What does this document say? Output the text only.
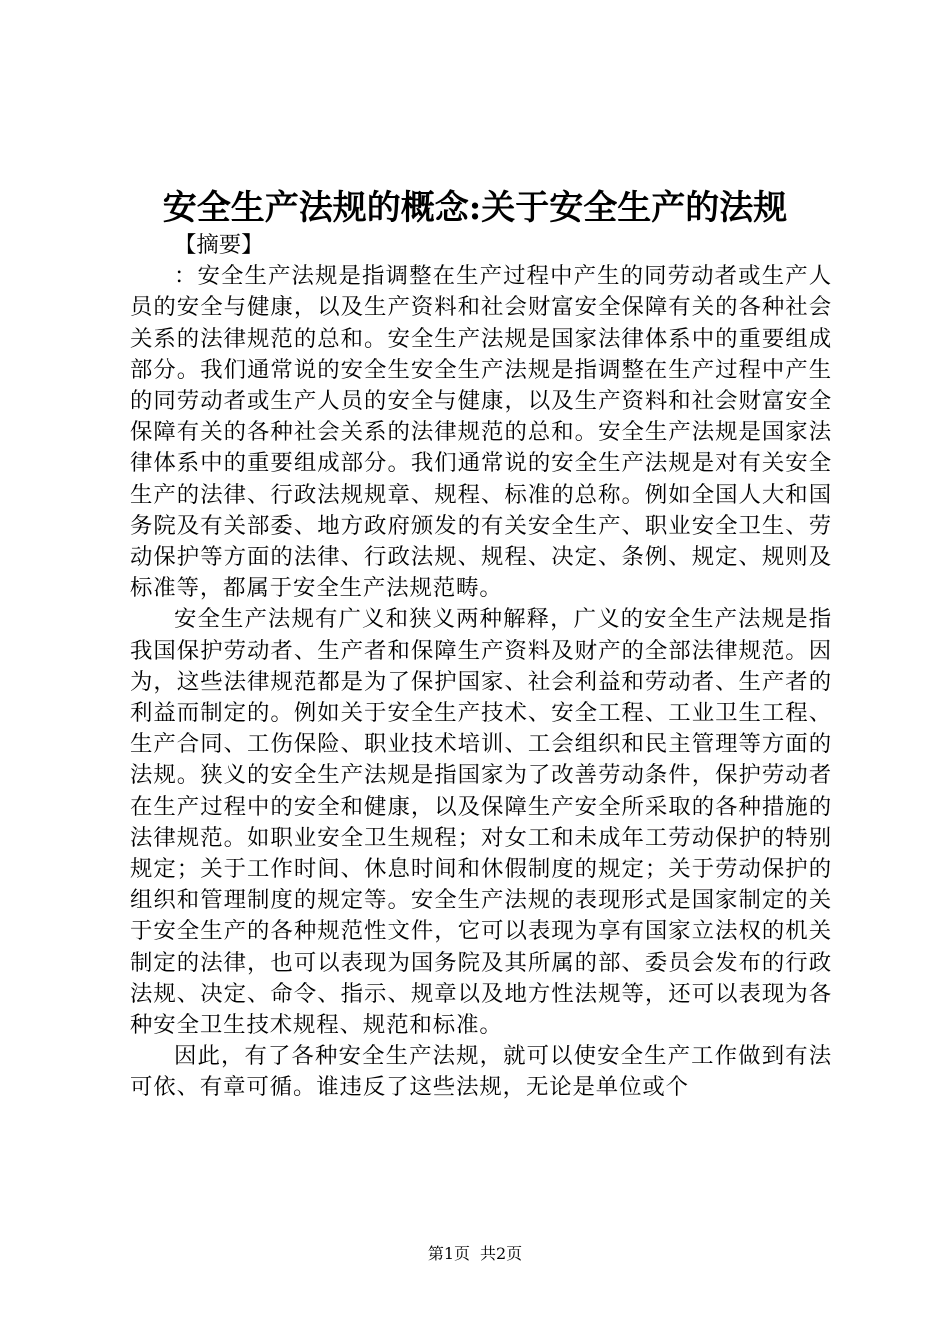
安全生产法规的概念:关于安全生产的法规

【摘要】

：安全生产法规是指调整在生产过程中产生的同劳动者或生产人员的安全与健康，以及生产资料和社会财富安全保障有关的各种社会关系的法律规范的总和。安全生产法规是国家法律体系中的重要组成部分。我们通常说的安全生安全生产法规是指调整在生产过程中产生的同劳动者或生产人员的安全与健康，以及生产资料和社会财富安全保障有关的各种社会关系的法律规范的总和。安全生产法规是国家法律体系中的重要组成部分。我们通常说的安全生产法规是对有关安全生产的法律、行政法规规章、规程、标准的总称。例如全国人大和国务院及有关部委、地方政府颁发的有关安全生产、职业安全卫生、劳动保护等方面的法律、行政法规、规程、决定、条例、规定、规则及标准等，都属于安全生产法规范畴。

安全生产法规有广义和狭义两种解释，广义的安全生产法规是指我国保护劳动者、生产者和保障生产资料及财产的全部法律规范。因为，这些法律规范都是为了保护国家、社会利益和劳动者、生产者的利益而制定的。例如关于安全生产技术、安全工程、工业卫生工程、生产合同、工伤保险、职业技术培训、工会组织和民主管理等方面的法规。狭义的安全生产法规是指国家为了改善劳动条件，保护劳动者在生产过程中的安全和健康，以及保障生产安全所采取的各种措施的法律规范。如职业安全卫生规程；对女工和未成年工劳动保护的特别规定；关于工作时间、休息时间和休假制度的规定；关于劳动保护的组织和管理制度的规定等。安全生产法规的表现形式是国家制定的关于安全生产的各种规范性文件，它可以表现为享有国家立法权的机关制定的法律，也可以表现为国务院及其所属的部、委员会发布的行政法规、决定、命令、指示、规章以及地方性法规等，还可以表现为各种安全卫生技术规程、规范和标准。

因此，有了各种安全生产法规，就可以使安全生产工作做到有法可依、有章可循。谁违反了这些法规，无论是单位或个

第1页 共2页
